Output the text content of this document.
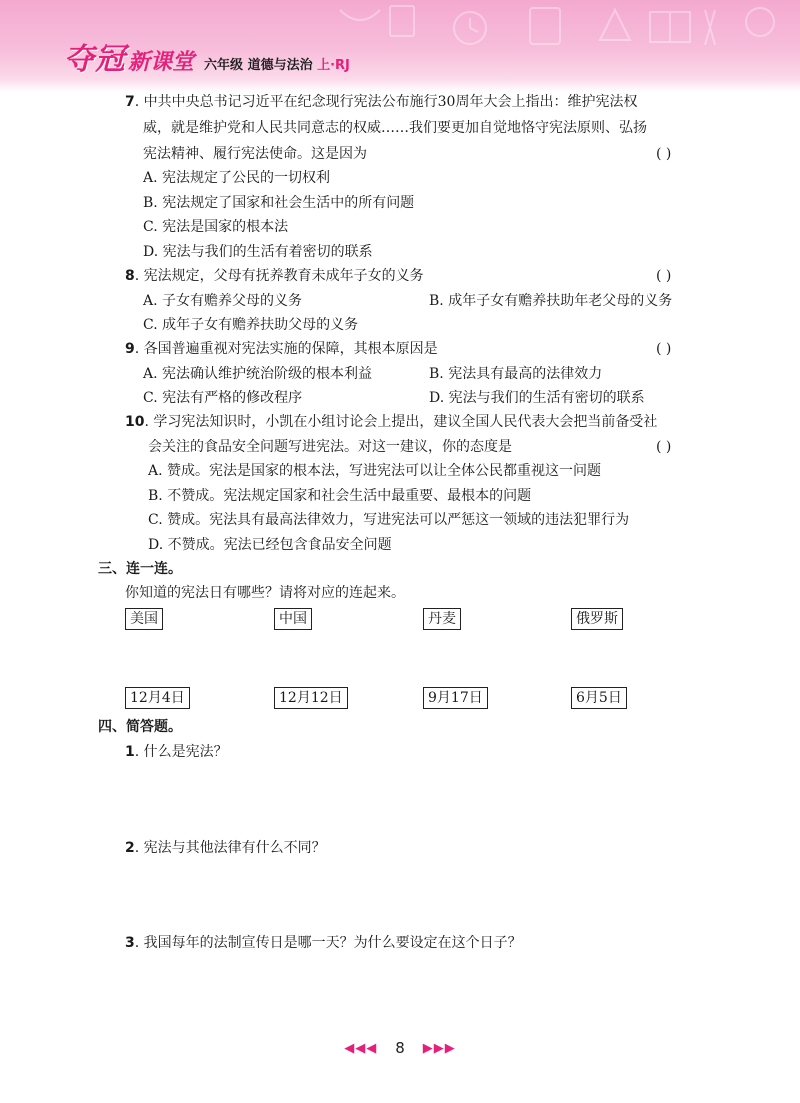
夺冠 新课堂 六年级 道德与法治 上·RJ
7. 中共中央总书记习近平在纪念现行宪法公布施行30周年大会上指出：维护宪法权
威，就是维护党和人民共同意志的权威……我们要更加自觉地恪守宪法原则、弘扬
宪法精神、履行宪法使命。这是因为	( )
A. 宪法规定了公民的一切权利
B. 宪法规定了国家和社会生活中的所有问题
C. 宪法是国家的根本法
D. 宪法与我们的生活有着密切的联系
8. 宪法规定，父母有抚养教育未成年子女的义务	( )
A. 子女有赡养父母的义务	B. 成年子女有赡养扶助年老父母的义务
C. 成年子女有赡养扶助父母的义务
9. 各国普遍重视对宪法实施的保障，其根本原因是	( )
A. 宪法确认维护统治阶级的根本利益	B. 宪法具有最高的法律效力
C. 宪法有严格的修改程序	D. 宪法与我们的生活有密切的联系
10. 学习宪法知识时，小凯在小组讨论会上提出，建议全国人民代表大会把当前备受社
会关注的食品安全问题写进宪法。对这一建议，你的态度是	( )
A. 赞成。宪法是国家的根本法，写进宪法可以让全体公民都重视这一问题
B. 不赞成。宪法规定国家和社会生活中最重要、最根本的问题
C. 赞成。宪法具有最高法律效力，写进宪法可以严惩这一领域的违法犯罪行为
D. 不赞成。宪法已经包含食品安全问题
三、连一连。
你知道的宪法日有哪些？请将对应的连起来。
美国	中国	丹麦	俄罗斯
12月4日	12月12日	9月17日	6月5日
四、简答题。
1. 什么是宪法？
2. 宪法与其他法律有什么不同？
3. 我国每年的法制宣传日是哪一天？为什么要设定在这个日子？
◀◀◀ 8 ▶▶▶
